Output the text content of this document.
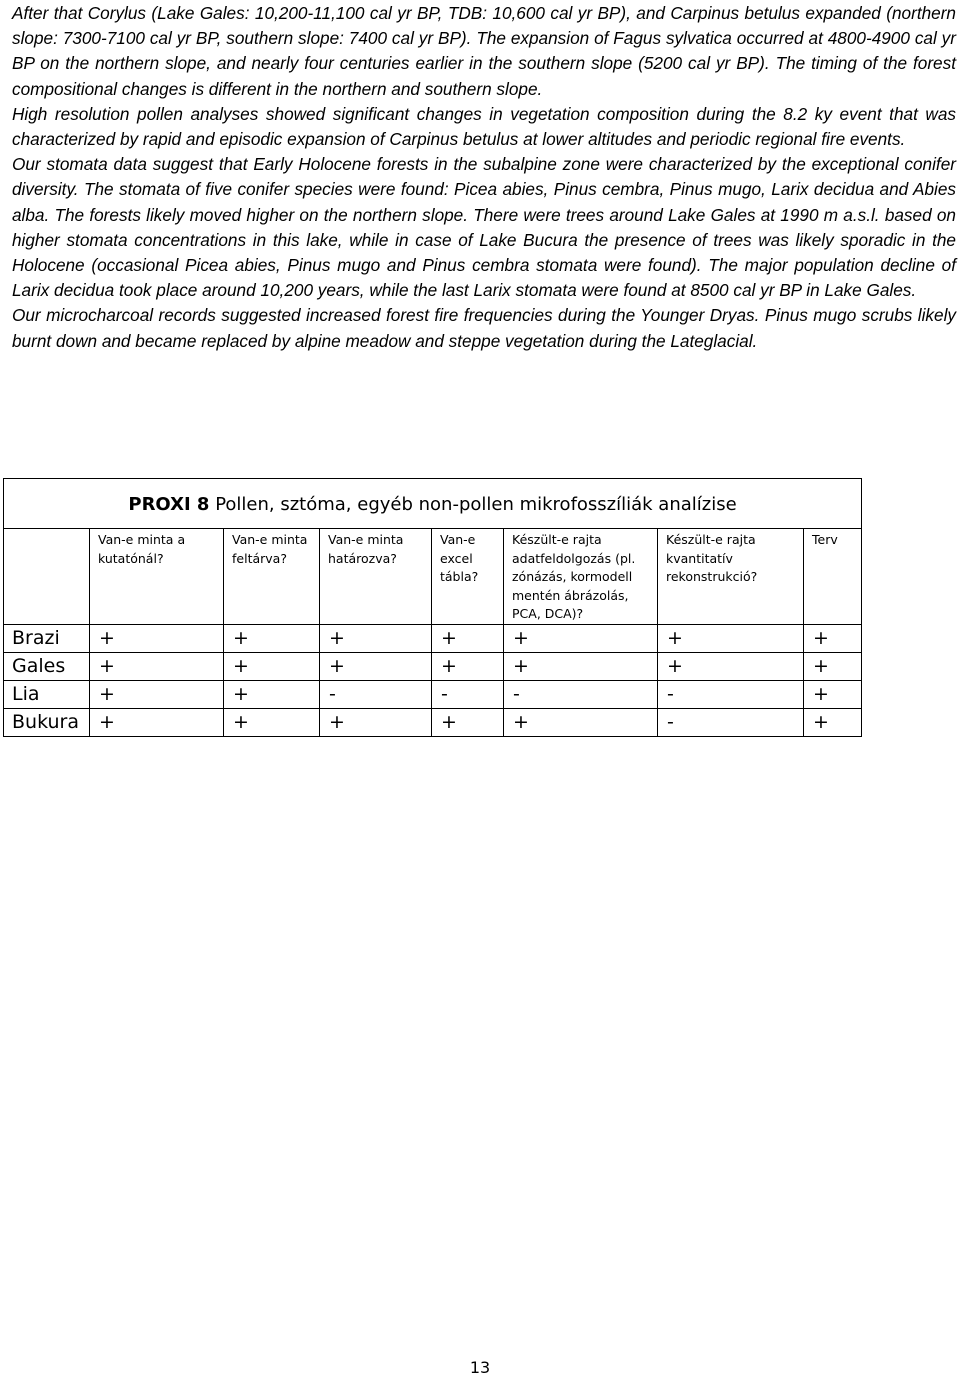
After that Corylus (Lake Gales: 10,200-11,100 cal yr BP, TDB: 10,600 cal yr BP), and Carpinus betulus expanded (northern slope: 7300-7100 cal yr BP, southern slope: 7400 cal yr BP). The expansion of Fagus sylvatica occurred at 4800-4900 cal yr BP on the northern slope, and nearly four centuries earlier in the southern slope (5200 cal yr BP). The timing of the forest compositional changes is different in the northern and southern slope.

High resolution pollen analyses showed significant changes in vegetation composition during the 8.2 ky event that was characterized by rapid and episodic expansion of Carpinus betulus at lower altitudes and periodic regional fire events.

Our stomata data suggest that Early Holocene forests in the subalpine zone were characterized by the exceptional conifer diversity. The stomata of five conifer species were found: Picea abies, Pinus cembra, Pinus mugo, Larix decidua and Abies alba. The forests likely moved higher on the northern slope. There were trees around Lake Gales at 1990 m a.s.l. based on higher stomata concentrations in this lake, while in case of Lake Bucura the presence of trees was likely sporadic in the Holocene (occasional Picea abies, Pinus mugo and Pinus cembra stomata were found). The major population decline of Larix decidua took place around 10,200 years, while the last Larix stomata were found at 8500 cal yr BP in Lake Gales.

Our microcharcoal records suggested increased forest fire frequencies during the Younger Dryas. Pinus mugo scrubs likely burnt down and became replaced by alpine meadow and steppe vegetation during the Lateglacial.

PROXI 8 Pollen, sztóma, egyéb non-pollen mikrofosszíliák analízise							
	Van-e minta a kutatónál?	Van-e minta feltárva?	Van-e minta határozva?	Van-e excel tábla?	Készült-e rajta adatfeldolgozás (pl. zónázás, kormodell mentén ábrázolás, PCA, DCA)?	Készült-e rajta kvantitatív rekonstrukció?	Terv
Brazi	+	+	+	+	+	+	+
Gales	+	+	+	+	+	+	+
Lia	+	+	-	-	-	-	+
Bukura	+	+	+	+	+	-	+
13
